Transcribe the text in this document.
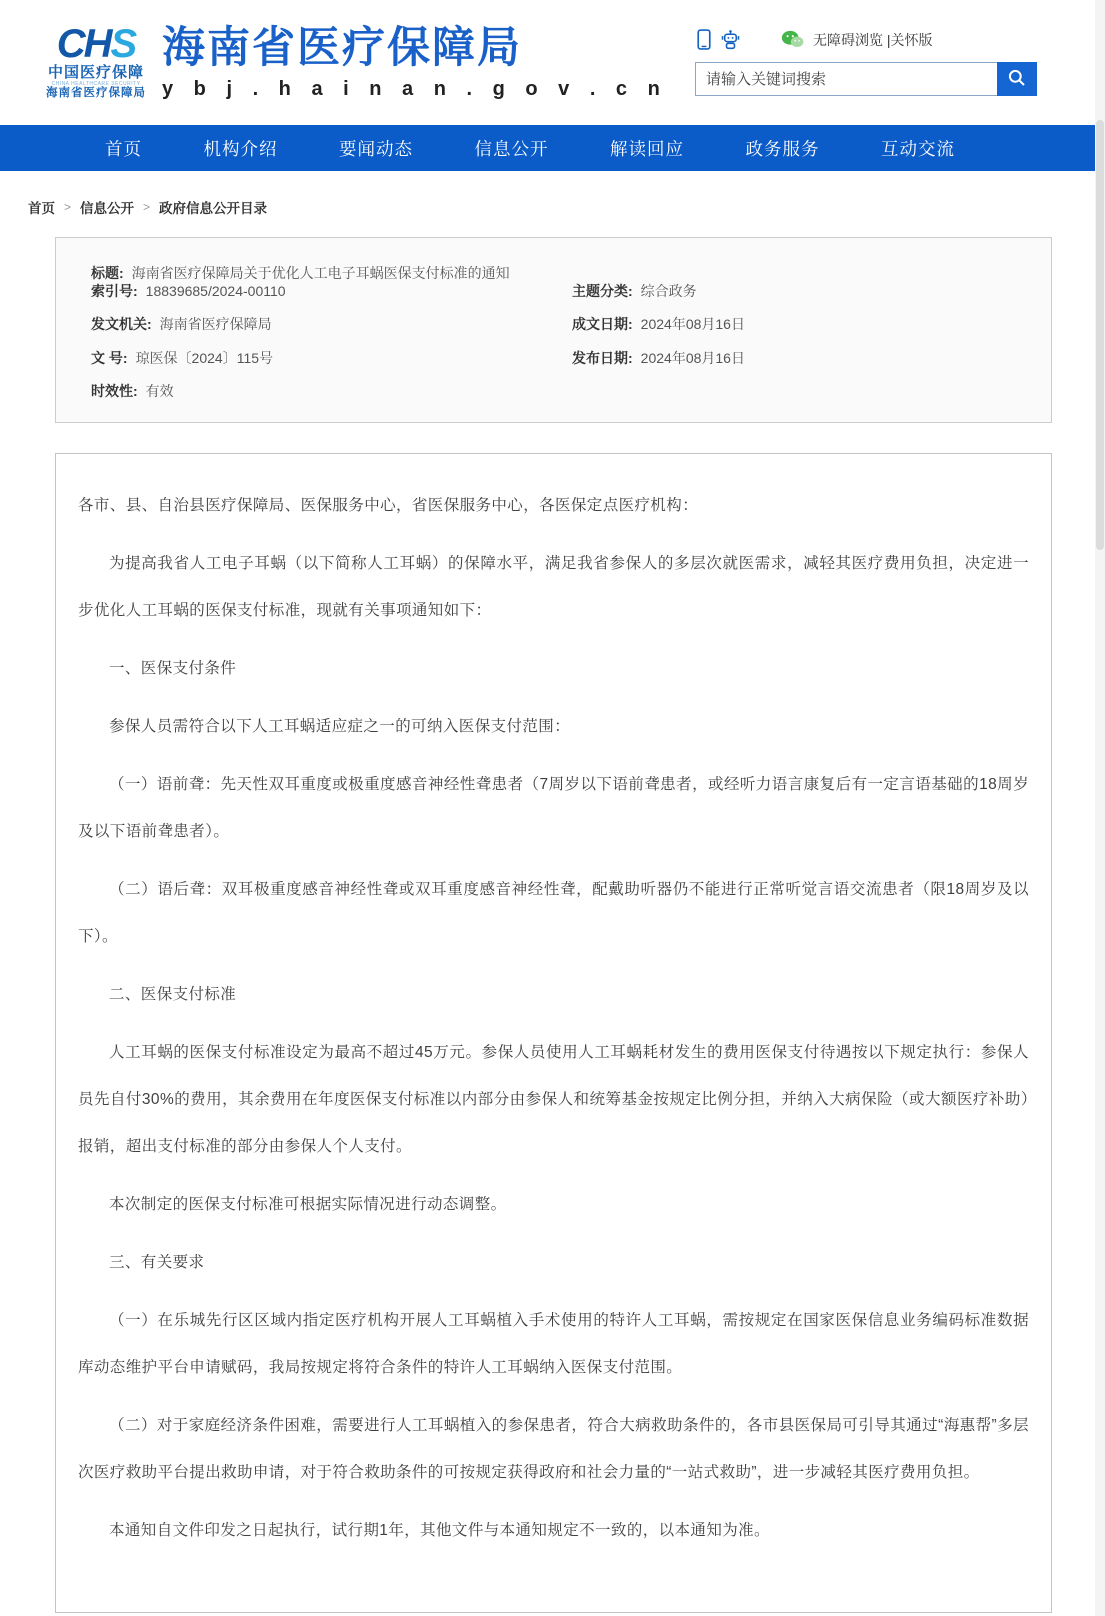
CHS
中国医疗保障
CHINA HEALTHCARE SECURITY
海南省医疗保障局
海南省医疗保障局
y b j . h a i n a n . g o v . c n
无障碍浏览 |关怀版
请输入关键词搜索
首页	机构介绍	要闻动态	信息公开	解读回应	政务服务	互动交流
首页 > 信息公开 > 政府信息公开目录
标题: 海南省医疗保障局关于优化人工电子耳蜗医保支付标准的通知
索引号: 18839685/2024-00110	主题分类: 综合政务
发文机关: 海南省医疗保障局	成文日期: 2024年08月16日
文 号: 琼医保〔2024〕115号	发布日期: 2024年08月16日
时效性: 有效

各市、县、自治县医疗保障局、医保服务中心，省医保服务中心，各医保定点医疗机构：

为提高我省人工电子耳蜗（以下简称人工耳蜗）的保障水平，满足我省参保人的多层次就医需求，减轻其医疗费用负担，决定进一步优化人工耳蜗的医保支付标准，现就有关事项通知如下：

一、医保支付条件

参保人员需符合以下人工耳蜗适应症之一的可纳入医保支付范围：

（一）语前聋：先天性双耳重度或极重度感音神经性聋患者（7周岁以下语前聋患者，或经听力语言康复后有一定言语基础的18周岁及以下语前聋患者）。

（二）语后聋：双耳极重度感音神经性聋或双耳重度感音神经性聋，配戴助听器仍不能进行正常听觉言语交流患者（限18周岁及以下）。

二、医保支付标准

人工耳蜗的医保支付标准设定为最高不超过45万元。参保人员使用人工耳蜗耗材发生的费用医保支付待遇按以下规定执行：参保人员先自付30%的费用，其余费用在年度医保支付标准以内部分由参保人和统筹基金按规定比例分担，并纳入大病保险（或大额医疗补助）报销，超出支付标准的部分由参保人个人支付。

本次制定的医保支付标准可根据实际情况进行动态调整。

三、有关要求

（一）在乐城先行区区域内指定医疗机构开展人工耳蜗植入手术使用的特许人工耳蜗，需按规定在国家医保信息业务编码标准数据库动态维护平台申请赋码，我局按规定将符合条件的特许人工耳蜗纳入医保支付范围。

（二）对于家庭经济条件困难，需要进行人工耳蜗植入的参保患者，符合大病救助条件的，各市县医保局可引导其通过“海惠帮”多层次医疗救助平台提出救助申请，对于符合救助条件的可按规定获得政府和社会力量的“一站式救助”，进一步减轻其医疗费用负担。

本通知自文件印发之日起执行，试行期1年，其他文件与本通知规定不一致的，以本通知为准。
